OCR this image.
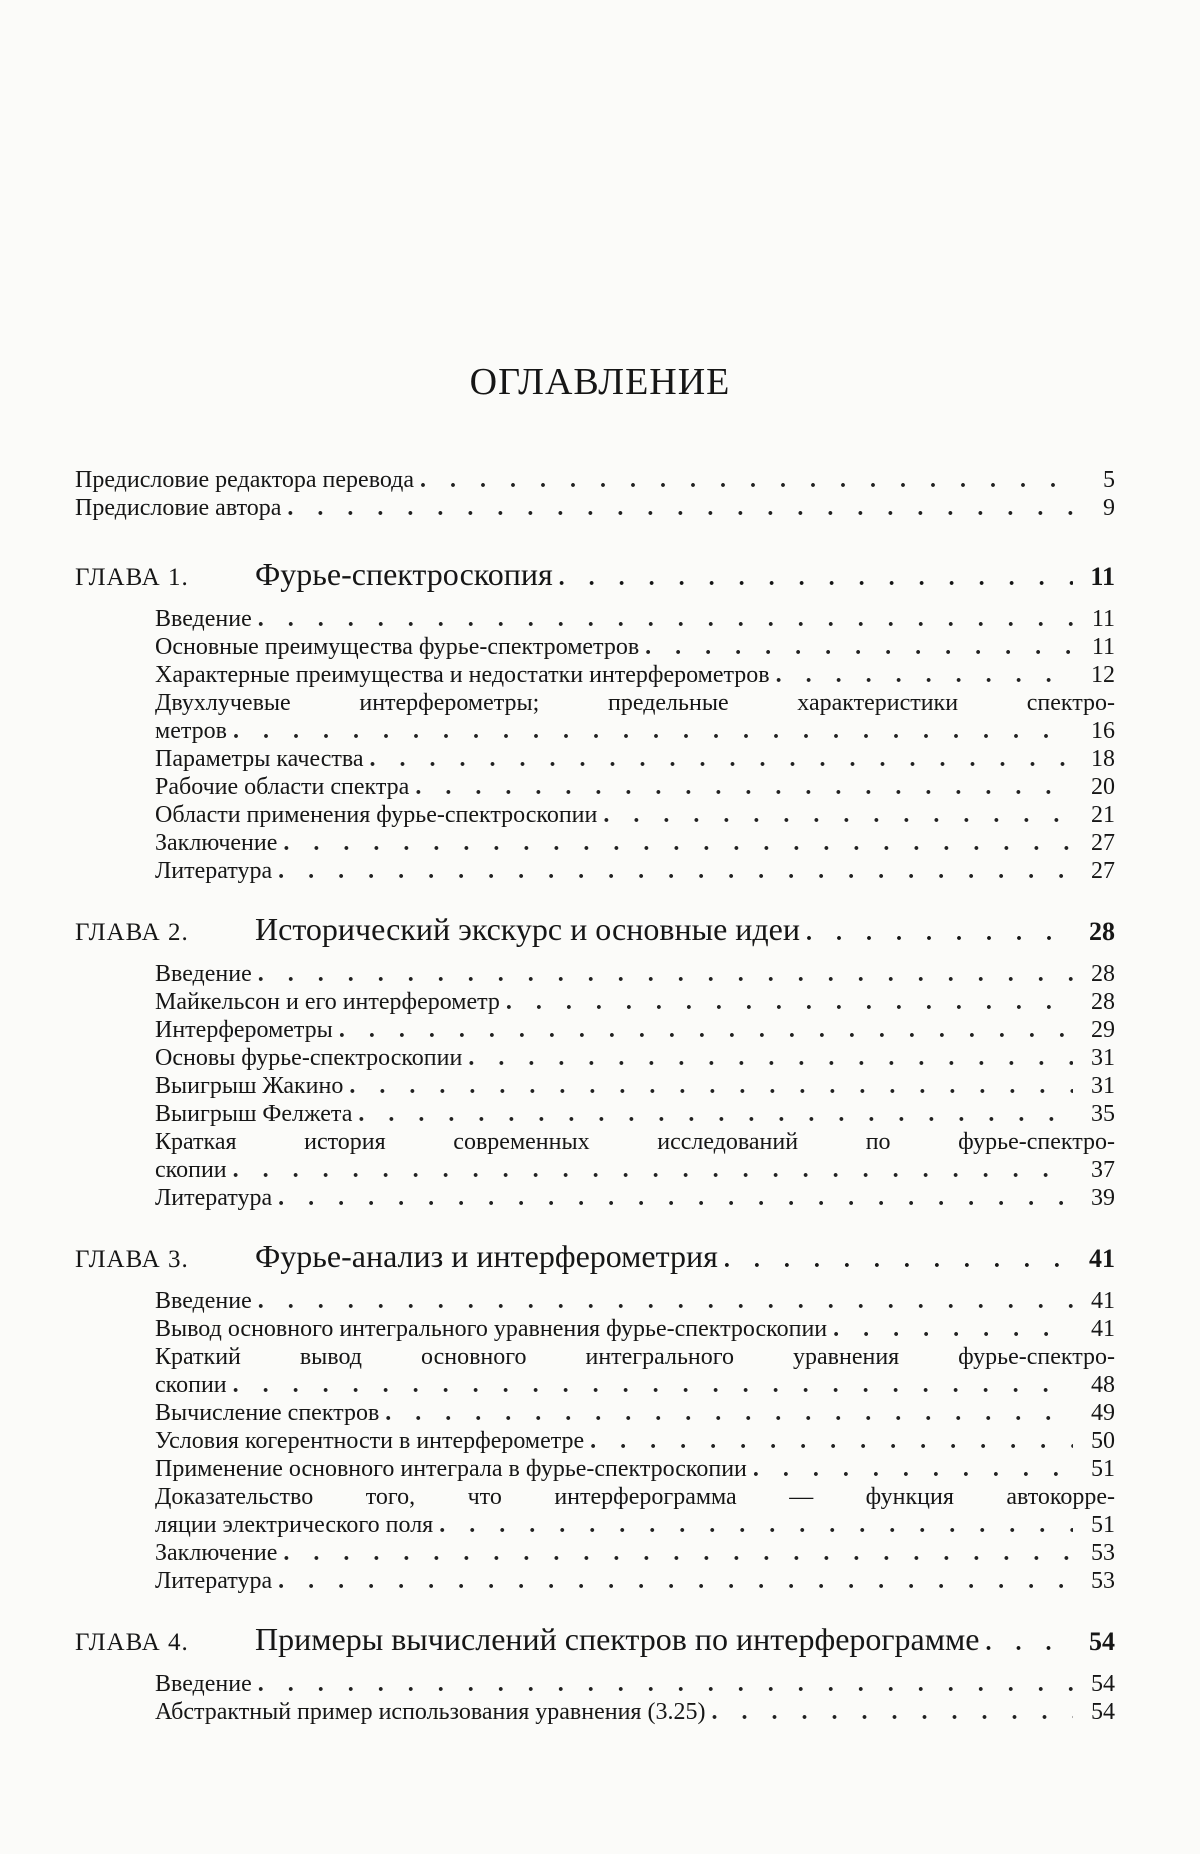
ОГЛАВЛЕНИЕ
Предисловие редактора перевода . . .	5
Предисловие автора . . .	9
ГЛАВА 1.	Фурье-спектроскопия . . .	11
Введение . . .	11
Основные преимущества фурье-спектрометров . . .	11
Характерные преимущества и недостатки интерферометров . . .	12
Двухлучевые интерферометры; предельные характеристики спектро-
метров . . .	16
Параметры качества . . .	18
Рабочие области спектра . . .	20
Области применения фурье-спектроскопии . . .	21
Заключение . . .	27
Литература . . .	27
ГЛАВА 2.	Исторический экскурс и основные идеи . . .	28
Введение . . .	28
Майкельсон и его интерферометр . . .	28
Интерферометры . . .	29
Основы фурье-спектроскопии . . .	31
Выигрыш Жакино . . .	31
Выигрыш Фелжета . . .	35
Краткая история современных исследований по фурье-спектро-
скопии . . .	37
Литература . . .	39
ГЛАВА 3.	Фурье-анализ и интерферометрия . . .	41
Введение . . .	41
Вывод основного интегрального уравнения фурье-спектроскопии . . .	41
Краткий вывод основного интегрального уравнения фурье-спектро-
скопии . . .	48
Вычисление спектров . . .	49
Условия когерентности в интерферометре . . .	50
Применение основного интеграла в фурье-спектроскопии . . .	51
Доказательство того, что интерферограмма — функция автокорре-
ляции электрического поля . . .	51
Заключение . . .	53
Литература . . .	53
ГЛАВА 4.	Примеры вычислений спектров по интерферограмме . . .	54
Введение . . .	54
Абстрактный пример использования уравнения (3.25) . . .	54
